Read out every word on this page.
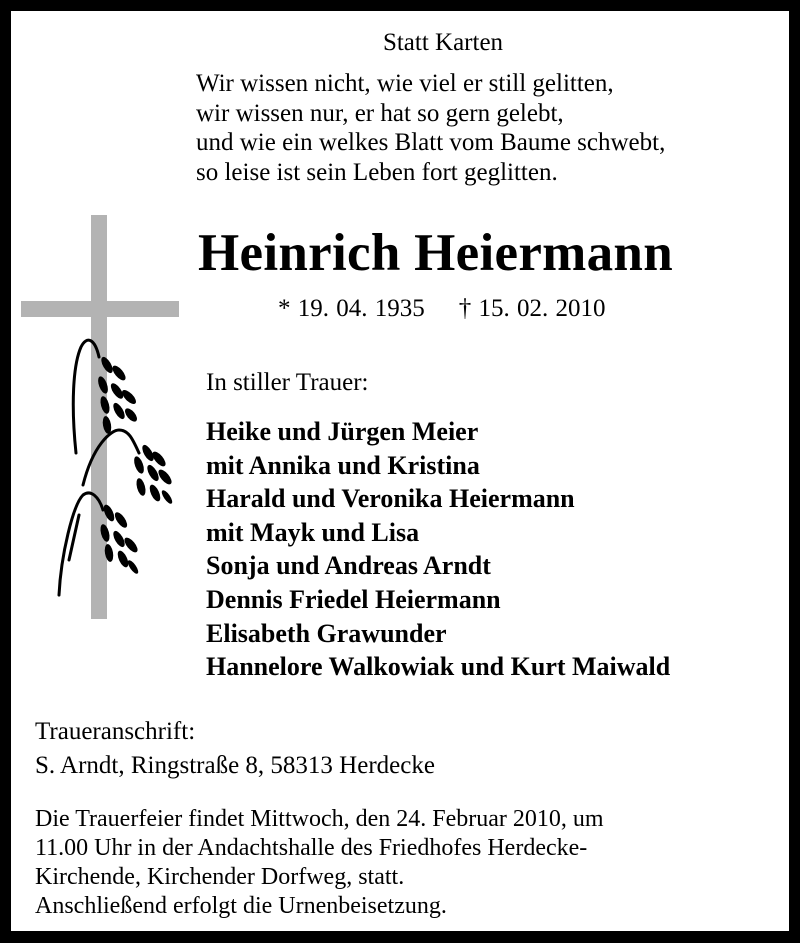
Statt Karten
Wir wissen nicht, wie viel er still gelitten,
wir wissen nur, er hat so gern gelebt,
und wie ein welkes Blatt vom Baume schwebt,
so leise ist sein Leben fort geglitten.
Heinrich Heiermann
* 19. 04. 1935 † 15. 02. 2010
In stiller Trauer:
Heike und Jürgen Meier
mit Annika und Kristina
Harald und Veronika Heiermann
mit Mayk und Lisa
Sonja und Andreas Arndt
Dennis Friedel Heiermann
Elisabeth Grawunder
Hannelore Walkowiak und Kurt Maiwald
Traueranschrift:
S. Arndt, Ringstraße 8, 58313 Herdecke
Die Trauerfeier findet Mittwoch, den 24. Februar 2010, um
11.00 Uhr in der Andachtshalle des Friedhofes Herdecke-
Kirchende, Kirchender Dorfweg, statt.
Anschließend erfolgt die Urnenbeisetzung.
